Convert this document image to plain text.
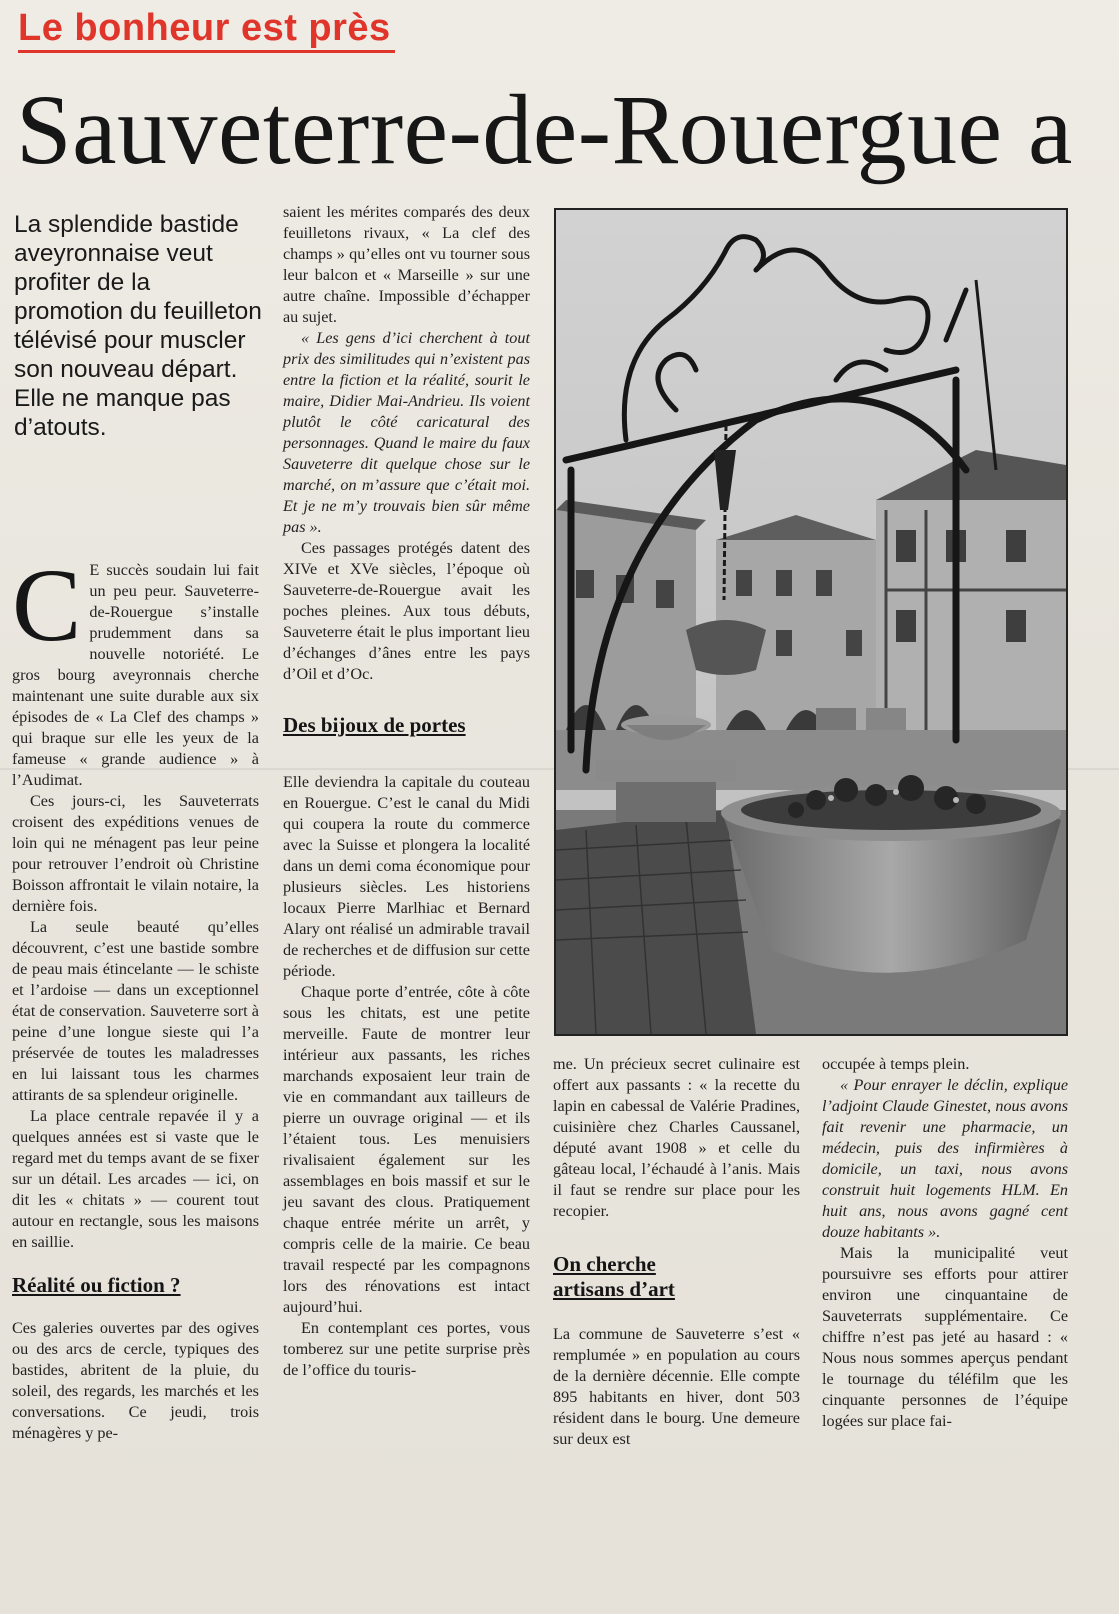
Le bonheur est près
Sauveterre-de-Rouergue a
La splendide bastide aveyronnaise veut profiter de la promotion du feuilleton télévisé pour muscler son nouveau départ. Elle ne manque pas d’atouts.
C E succès soudain lui fait un peu peur. Sauveterre-de-Rouergue s’installe prudemment dans sa nouvelle notoriété. Le gros bourg aveyronnais cherche maintenant une suite durable aux six épisodes de « La Clef des champs » qui braque sur elle les yeux de la fameuse « grande audience » à l’Audimat.

Ces jours-ci, les Sauveterrats croisent des expéditions venues de loin qui ne ménagent pas leur peine pour retrouver l’endroit où Christine Boisson affrontait le vilain notaire, la dernière fois.

La seule beauté qu’elles découvrent, c’est une bastide sombre de peau mais étincelante — le schiste et l’ardoise — dans un exceptionnel état de conservation. Sauveterre sort à peine d’une longue sieste qui l’a préservée de toutes les maladresses en lui laissant tous les charmes attirants de sa splendeur originelle.

La place centrale repavée il y a quelques années est si vaste que le regard met du temps avant de se fixer sur un détail. Les arcades — ici, on dit les « chitats » — courent tout autour en rectangle, sous les maisons en saillie.

Réalité ou fiction ?

Ces galeries ouvertes par des ogives ou des arcs de cercle, typiques des bastides, abritent de la pluie, du soleil, des regards, les marchés et les conversations. Ce jeudi, trois ménagères y pe-

saient les mérites comparés des deux feuilletons rivaux, « La clef des champs » qu’elles ont vu tourner sous leur balcon et « Marseille » sur une autre chaîne. Impossible d’échapper au sujet.

« Les gens d’ici cherchent à tout prix des similitudes qui n’existent pas entre la fiction et la réalité, sourit le maire, Didier Mai-Andrieu. Ils voient plutôt le côté caricatural des personnages. Quand le maire du faux Sauveterre dit quelque chose sur le marché, on m’assure que c’était moi. Et je ne m’y trouvais bien sûr même pas ».

Ces passages protégés datent des XIVe et XVe siècles, l’époque où Sauveterre-de-Rouergue avait les poches pleines. Aux tous débuts, Sauveterre était le plus important lieu d’échanges d’ânes entre les pays d’Oil et d’Oc.

Des bijoux de portes

Elle deviendra la capitale du couteau en Rouergue. C’est le canal du Midi qui coupera la route du commerce avec la Suisse et plongera la localité dans un demi coma économique pour plusieurs siècles. Les historiens locaux Pierre Marlhiac et Bernard Alary ont réalisé un admirable travail de recherches et de diffusion sur cette période.

Chaque porte d’entrée, côte à côte sous les chitats, est une petite merveille. Faute de montrer leur intérieur aux passants, les riches marchands exposaient leur train de vie en commandant aux tailleurs de pierre un ouvrage original — et ils l’étaient tous. Les menuisiers rivalisaient également sur les assemblages en bois massif et sur le jeu savant des clous. Pratiquement chaque entrée mérite un arrêt, y compris celle de la mairie. Ce beau travail respecté par les compagnons lors des rénovations est intact aujourd’hui.

En contemplant ces portes, vous tomberez sur une petite surprise près de l’office du touris-

me. Un précieux secret culinaire est offert aux passants : « la recette du lapin en cabessal de Valérie Pradines, cuisinière chez Charles Caussanel, député avant 1908 » et celle du gâteau local, l’échaudé à l’anis. Mais il faut se rendre sur place pour les recopier.

On cherche artisans d’art

La commune de Sauveterre s’est « remplumée » en population au cours de la dernière décennie. Elle compte 895 habitants en hiver, dont 503 résident dans le bourg. Une demeure sur deux est

occupée à temps plein.

« Pour enrayer le déclin, explique l’adjoint Claude Ginestet, nous avons fait revenir une pharmacie, un médecin, puis des infirmières à domicile, un taxi, nous avons construit huit logements HLM. En huit ans, nous avons gagné cent douze habitants ».

Mais la municipalité veut poursuivre ses efforts pour attirer environ une cinquantaine de Sauveterrats supplémentaire. Ce chiffre n’est pas jeté au hasard : « Nous nous sommes aperçus pendant le tournage du téléfilm que les cinquante personnes de l’équipe logées sur place fai-
